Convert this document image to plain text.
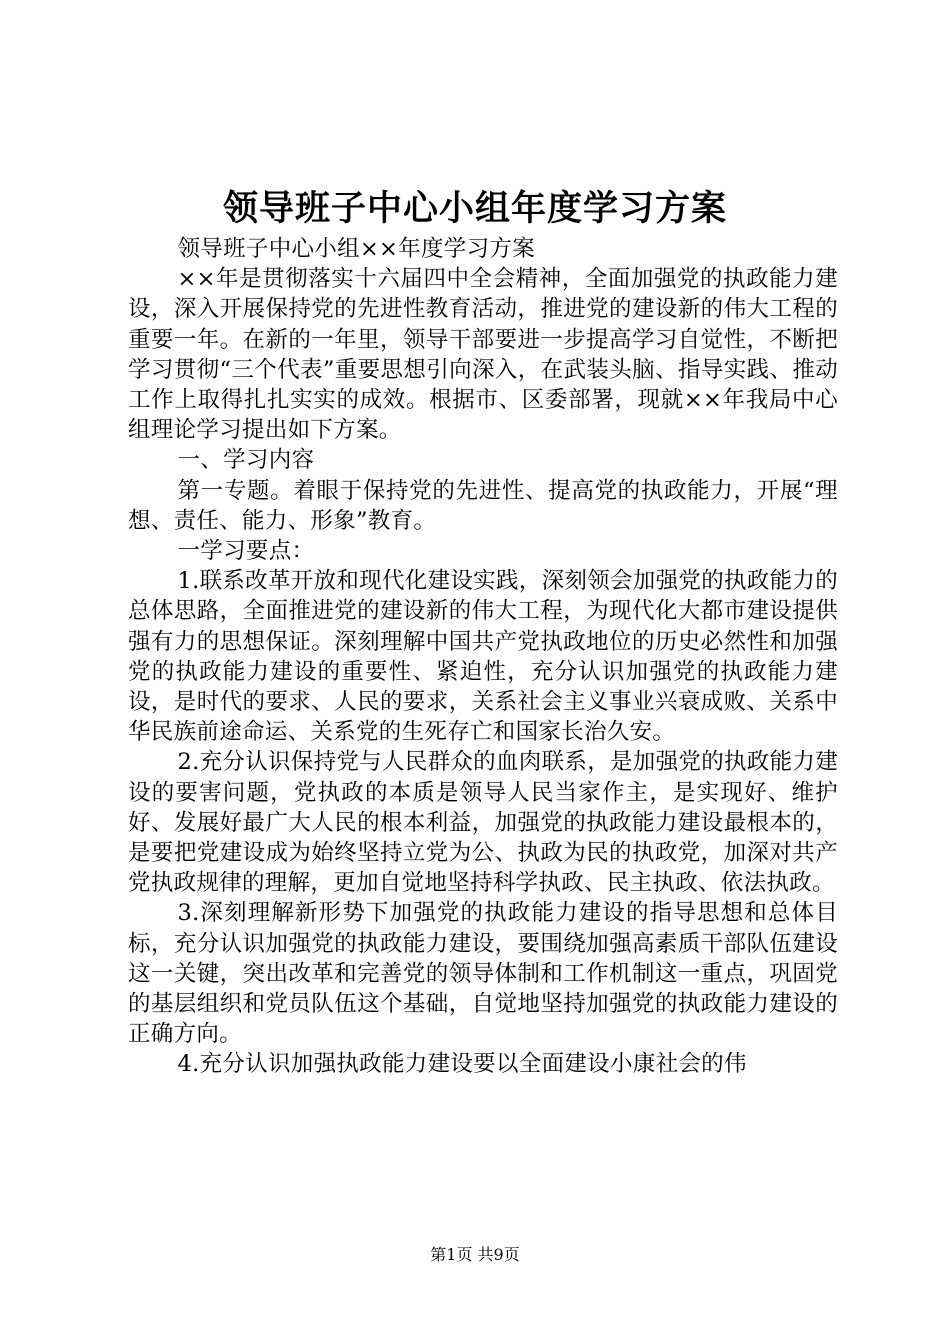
领导班子中心小组年度学习方案

领导班子中心小组××年度学习方案

××年是贯彻落实十六届四中全会精神，全面加强党的执政能力建设，深入开展保持党的先进性教育活动，推进党的建设新的伟大工程的重要一年。在新的一年里，领导干部要进一步提高学习自觉性，不断把学习贯彻“三个代表”重要思想引向深入，在武装头脑、指导实践、推动工作上取得扎扎实实的成效。根据市、区委部署，现就××年我局中心组理论学习提出如下方案。

一、学习内容

第一专题。着眼于保持党的先进性、提高党的执政能力，开展“理想、责任、能力、形象”教育。

一学习要点：

1.联系改革开放和现代化建设实践，深刻领会加强党的执政能力的总体思路，全面推进党的建设新的伟大工程，为现代化大都市建设提供强有力的思想保证。深刻理解中国共产党执政地位的历史必然性和加强党的执政能力建设的重要性、紧迫性，充分认识加强党的执政能力建设，是时代的要求、人民的要求，关系社会主义事业兴衰成败、关系中华民族前途命运、关系党的生死存亡和国家长治久安。

2.充分认识保持党与人民群众的血肉联系，是加强党的执政能力建设的要害问题，党执政的本质是领导人民当家作主，是实现好、维护好、发展好最广大人民的根本利益，加强党的执政能力建设最根本的，是要把党建设成为始终坚持立党为公、执政为民的执政党，加深对共产党执政规律的理解，更加自觉地坚持科学执政、民主执政、依法执政。

3.深刻理解新形势下加强党的执政能力建设的指导思想和总体目标，充分认识加强党的执政能力建设，要围绕加强高素质干部队伍建设这一关键，突出改革和完善党的领导体制和工作机制这一重点，巩固党的基层组织和党员队伍这个基础，自觉地坚持加强党的执政能力建设的正确方向。

4.充分认识加强执政能力建设要以全面建设小康社会的伟

第1页 共9页
